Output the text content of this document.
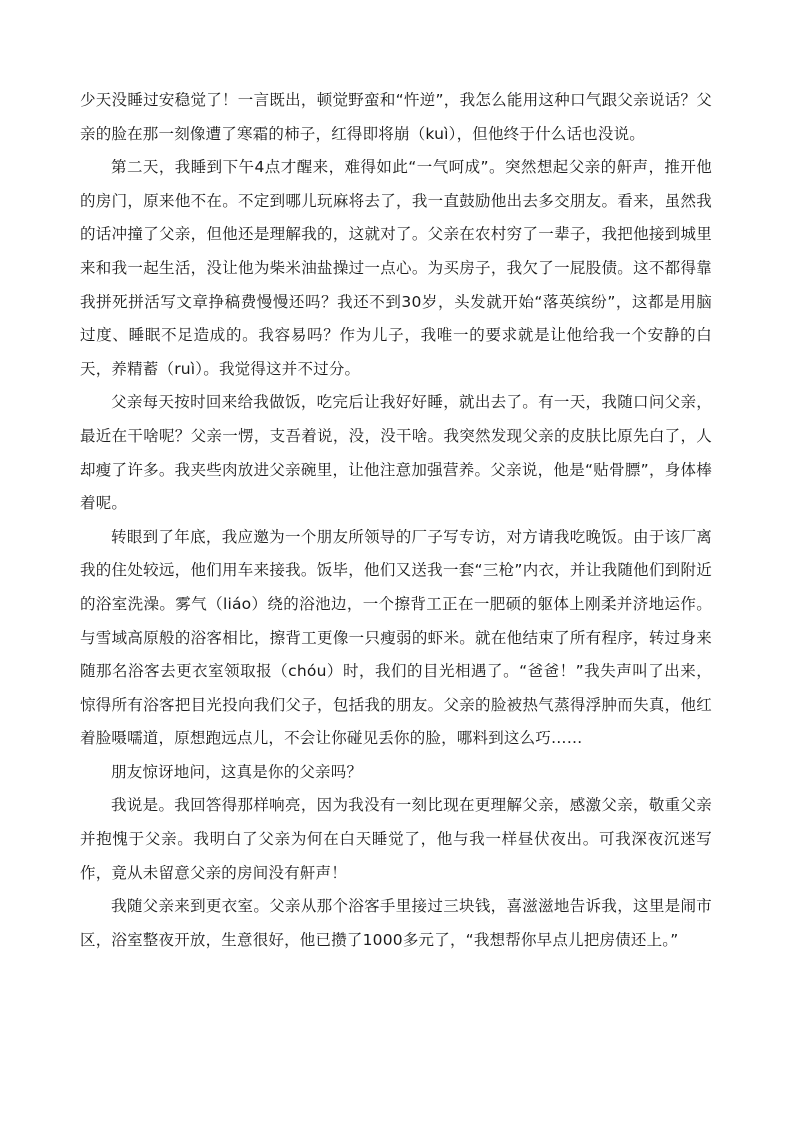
少天没睡过安稳觉了！一言既出，顿觉野蛮和“忤逆”，我怎么能用这种口气跟父亲说话？父亲的脸在那一刻像遭了寒霜的柿子，红得即将崩（kuì），但他终于什么话也没说。

第二天，我睡到下午4点才醒来，难得如此“一气呵成”。突然想起父亲的鼾声，推开他的房门，原来他不在。不定到哪儿玩麻将去了，我一直鼓励他出去多交朋友。看来，虽然我的话冲撞了父亲，但他还是理解我的，这就对了。父亲在农村穷了一辈子，我把他接到城里来和我一起生活，没让他为柴米油盐操过一点心。为买房子，我欠了一屁股债。这不都得靠我拼死拼活写文章挣稿费慢慢还吗？我还不到30岁，头发就开始“落英缤纷”，这都是用脑过度、睡眠不足造成的。我容易吗？作为儿子，我唯一的要求就是让他给我一个安静的白天，养精蓄（ruì）。我觉得这并不过分。

父亲每天按时回来给我做饭，吃完后让我好好睡，就出去了。有一天，我随口问父亲，最近在干啥呢？父亲一愣，支吾着说，没，没干啥。我突然发现父亲的皮肤比原先白了，人却瘦了许多。我夹些肉放进父亲碗里，让他注意加强营养。父亲说，他是“贴骨膘”，身体棒着呢。

转眼到了年底，我应邀为一个朋友所领导的厂子写专访，对方请我吃晚饭。由于该厂离我的住处较远，他们用车来接我。饭毕，他们又送我一套“三枪”内衣，并让我随他们到附近的浴室洗澡。雾气（liáo）绕的浴池边，一个擦背工正在一肥硕的躯体上刚柔并济地运作。与雪域高原般的浴客相比，擦背工更像一只瘦弱的虾米。就在他结束了所有程序，转过身来随那名浴客去更衣室领取报（chóu）时，我们的目光相遇了。“爸爸！”我失声叫了出来，惊得所有浴客把目光投向我们父子，包括我的朋友。父亲的脸被热气蒸得浮肿而失真，他红着脸嗫嚅道，原想跑远点儿，不会让你碰见丢你的脸，哪料到这么巧……

朋友惊讶地问，这真是你的父亲吗？

我说是。我回答得那样响亮，因为我没有一刻比现在更理解父亲，感激父亲，敬重父亲并抱愧于父亲。我明白了父亲为何在白天睡觉了，他与我一样昼伏夜出。可我深夜沉迷写作，竟从未留意父亲的房间没有鼾声！

我随父亲来到更衣室。父亲从那个浴客手里接过三块钱，喜滋滋地告诉我，这里是闹市区，浴室整夜开放，生意很好，他已攒了1000多元了，“我想帮你早点儿把房债还上。”
